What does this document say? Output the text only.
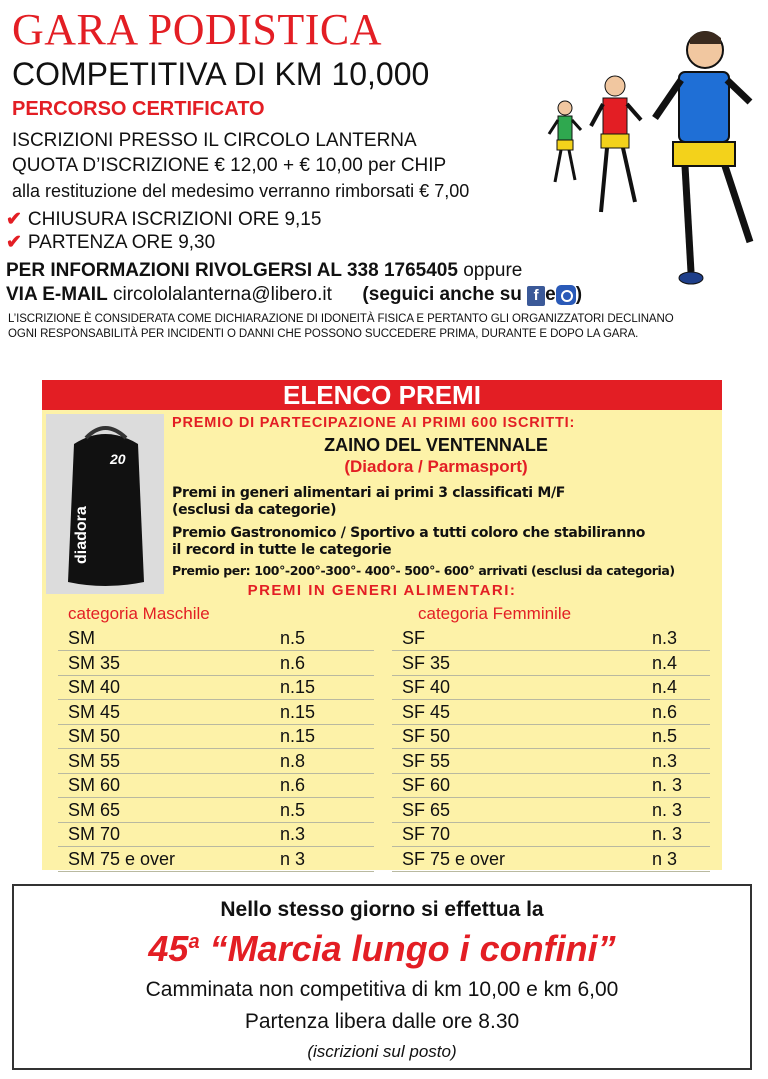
GARA PODISTICA
COMPETITIVA DI KM 10,000
PERCORSO CERTIFICATO
ISCRIZIONI PRESSO IL CIRCOLO LANTERNA
QUOTA D’ISCRIZIONE € 12,00 + € 10,00 per CHIP
alla restituzione del medesimo verranno rimborsati € 7,00
✔ CHIUSURA ISCRIZIONI ORE 9,15
✔ PARTENZA ORE 9,30
PER INFORMAZIONI RIVOLGERSI AL 338 1765405 oppure
VIA E-MAIL circololalanterna@libero.it (seguici anche su f e )
L’ISCRIZIONE È CONSIDERATA COME DICHIARAZIONE DI IDONEITÀ FISICA E PERTANTO GLI ORGANIZZATORI DECLINANO
OGNI RESPONSABILITÀ PER INCIDENTI O DANNI CHE POSSONO SUCCEDERE PRIMA, DURANTE E DOPO LA GARA.
ELENCO PREMI
20
diadora
PREMIO DI PARTECIPAZIONE AI PRIMI 600 ISCRITTI:
ZAINO DEL VENTENNALE
(Diadora / Parmasport)
Premi in generi alimentari ai primi 3 classificati M/F
(esclusi da categorie)
Premio Gastronomico / Sportivo a tutti coloro che stabiliranno
il record in tutte le categorie
Premio per: 100°-200°-300°- 400°- 500°- 600° arrivati (esclusi da categoria)
PREMI IN GENERI ALIMENTARI:
categoria Maschile
SM	n.5
SM 35	n.6
SM 40	n.15
SM 45	n.15
SM 50	n.15
SM 55	n.8
SM 60	n.6
SM 65	n.5
SM 70	n.3
SM 75 e over	n 3
categoria Femminile
SF	n.3
SF 35	n.4
SF 40	n.4
SF 45	n.6
SF 50	n.5
SF 55	n.3
SF 60	n. 3
SF 65	n. 3
SF 70	n. 3
SF 75 e over	n 3
Nello stesso giorno si effettua la
45$^a$ “Marcia lungo i confini”
Camminata non competitiva di km 10,00 e km 6,00
Partenza libera dalle ore 8.30
(iscrizioni sul posto)
